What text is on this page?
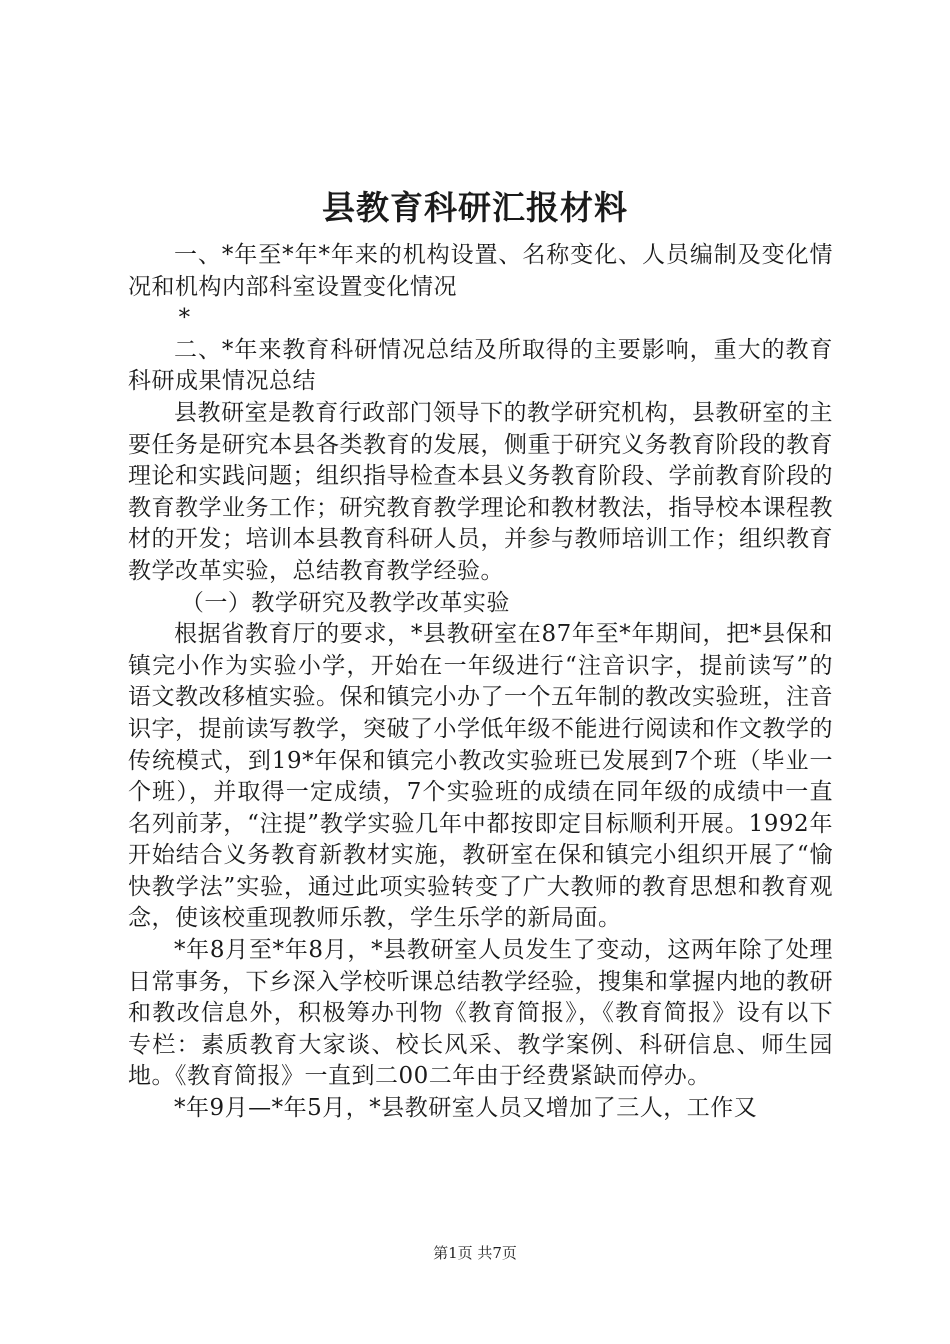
县教育科研汇报材料

一、*年至*年*年来的机构设置、名称变化、人员编制及变化情况和机构内部科室设置变化情况

*

二、*年来教育科研情况总结及所取得的主要影响，重大的教育科研成果情况总结

县教研室是教育行政部门领导下的教学研究机构，县教研室的主要任务是研究本县各类教育的发展，侧重于研究义务教育阶段的教育理论和实践问题；组织指导检查本县义务教育阶段、学前教育阶段的教育教学业务工作；研究教育教学理论和教材教法，指导校本课程教材的开发；培训本县教育科研人员，并参与教师培训工作；组织教育教学改革实验，总结教育教学经验。

（一）教学研究及教学改革实验

根据省教育厅的要求，*县教研室在87年至*年期间，把*县保和镇完小作为实验小学，开始在一年级进行“注音识字，提前读写”的语文教改移植实验。保和镇完小办了一个五年制的教改实验班，注音识字，提前读写教学，突破了小学低年级不能进行阅读和作文教学的传统模式，到19*年保和镇完小教改实验班已发展到7个班（毕业一个班），并取得一定成绩，7个实验班的成绩在同年级的成绩中一直名列前茅，“注提”教学实验几年中都按即定目标顺利开展。1992年开始结合义务教育新教材实施，教研室在保和镇完小组织开展了“愉快教学法”实验，通过此项实验转变了广大教师的教育思想和教育观念，使该校重现教师乐教，学生乐学的新局面。

*年8月至*年8月，*县教研室人员发生了变动，这两年除了处理日常事务，下乡深入学校听课总结教学经验，搜集和掌握内地的教研和教改信息外，积极筹办刊物《教育简报》，《教育简报》设有以下专栏：素质教育大家谈、校长风采、教学案例、科研信息、师生园地。《教育简报》一直到二00二年由于经费紧缺而停办。

*年9月—*年5月，*县教研室人员又增加了三人，工作又

第1页 共7页
